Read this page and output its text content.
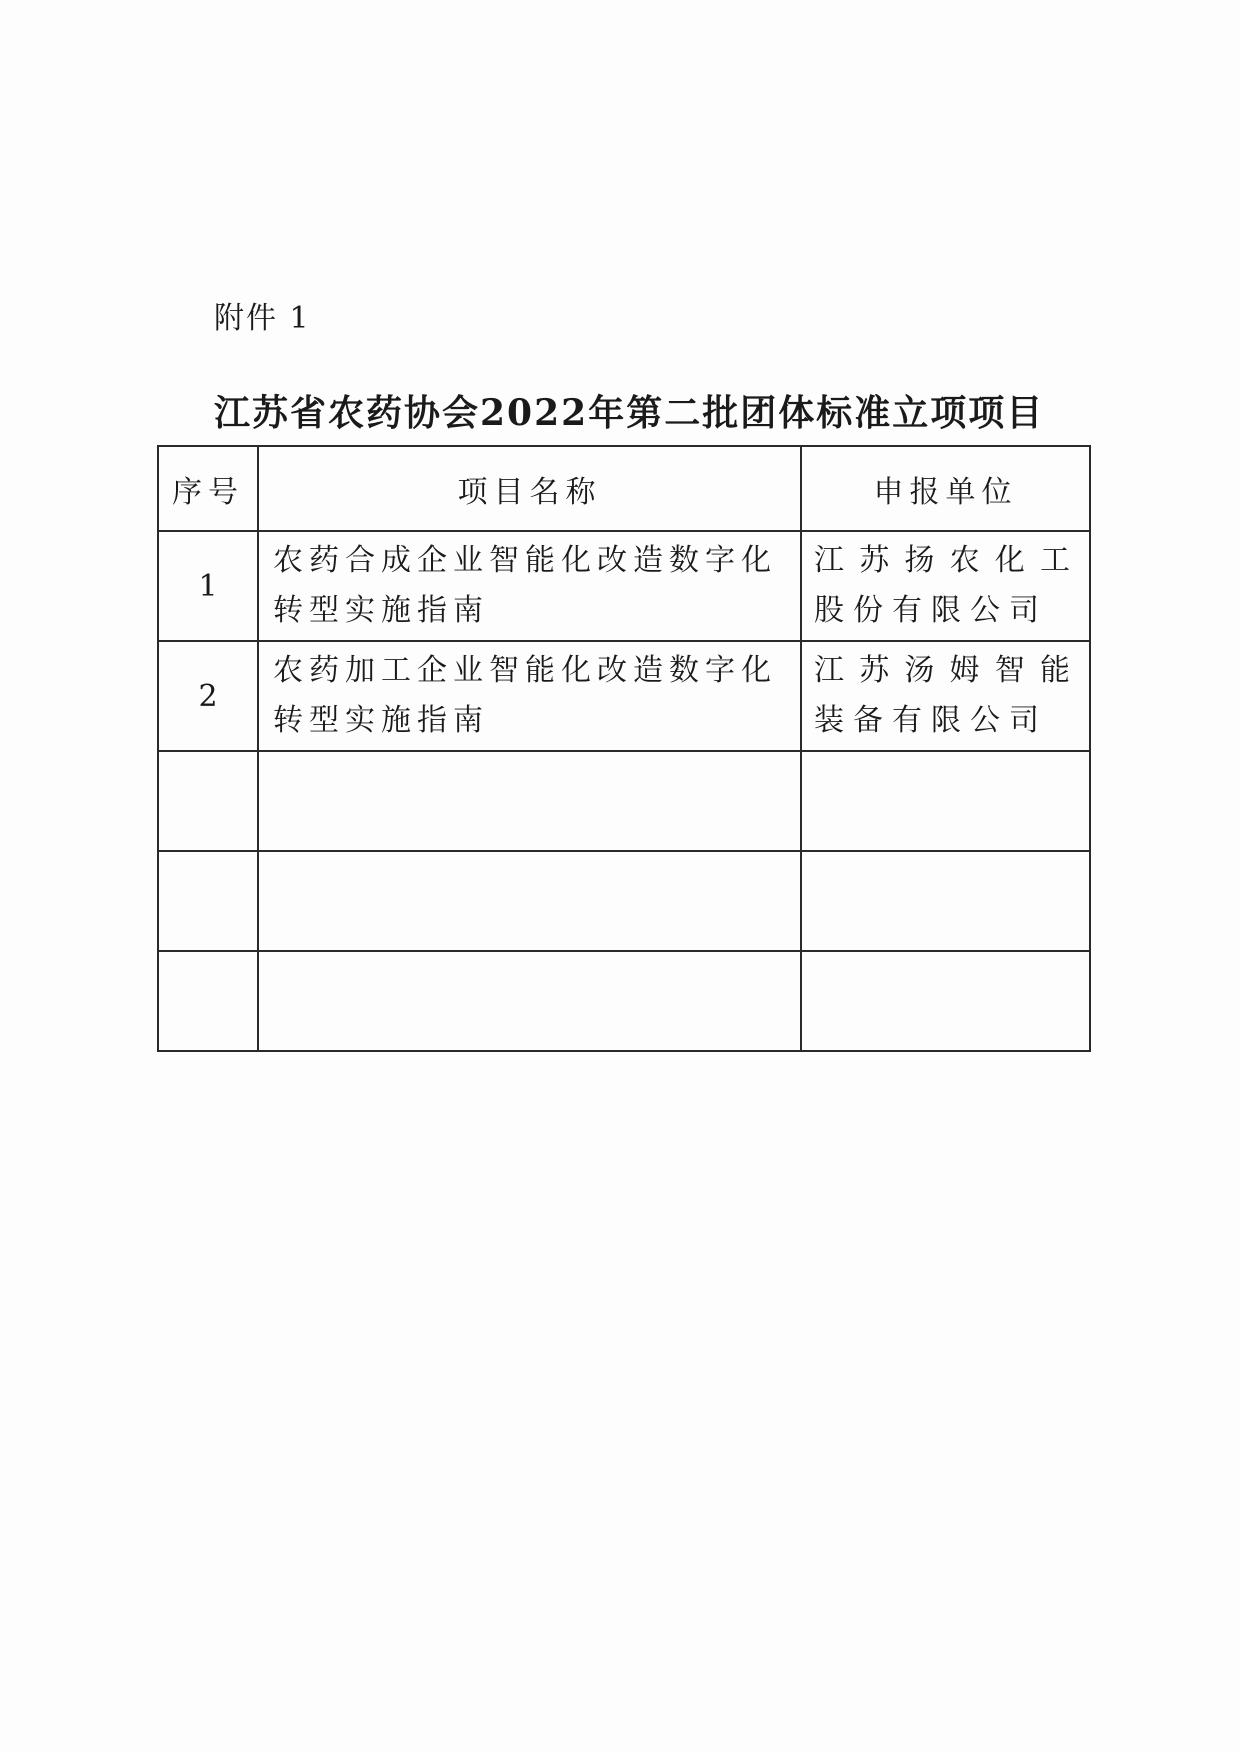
附件 1
江苏省农药协会2022年第二批团体标准立项项目
序号	项目名称	申报单位
1	农药合成企业智能化改造数字化转型实施指南	江苏扬农化工股份有限公司
2	农药加工企业智能化改造数字化转型实施指南	江苏汤姆智能装备有限公司
